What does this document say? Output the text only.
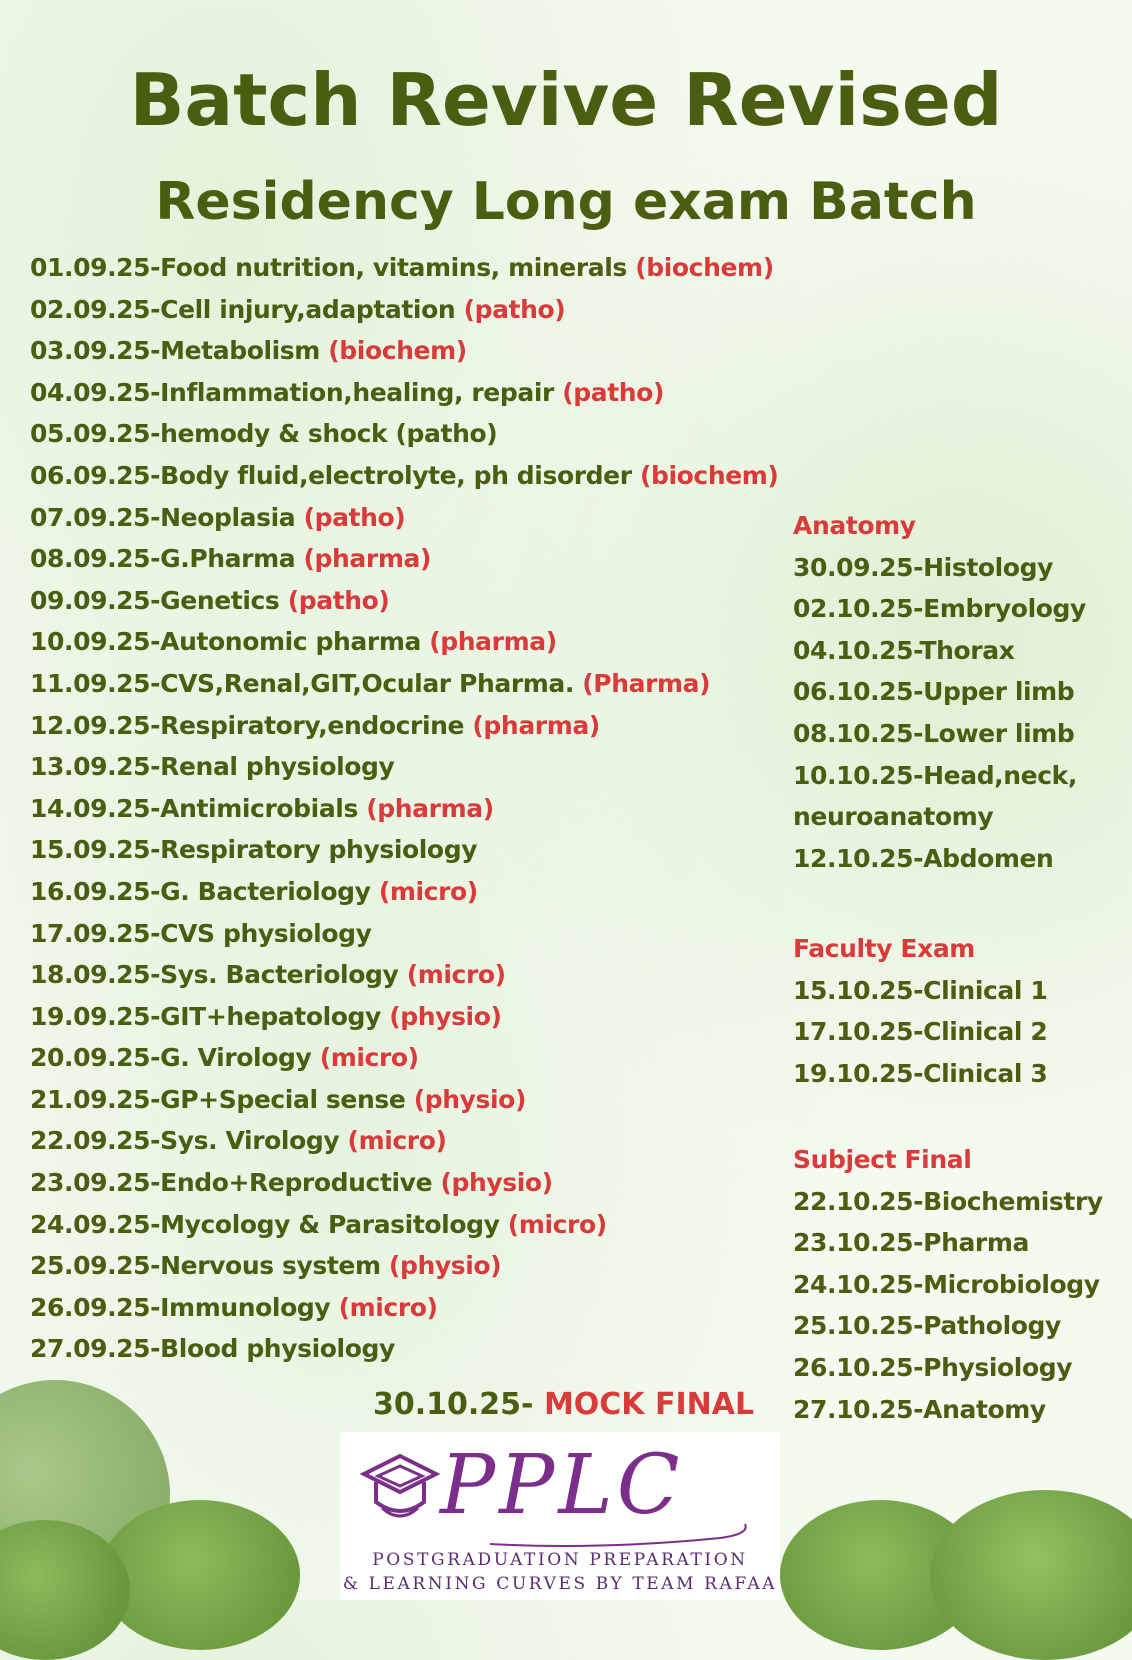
Batch Revive Revised
Residency Long exam Batch
01.09.25-Food nutrition, vitamins, minerals (biochem)
02.09.25-Cell injury,adaptation (patho)
03.09.25-Metabolism (biochem)
04.09.25-Inflammation,healing, repair (patho)
05.09.25-hemody & shock (patho)
06.09.25-Body fluid,electrolyte, ph disorder (biochem)
07.09.25-Neoplasia (patho)
08.09.25-G.Pharma (pharma)
09.09.25-Genetics (patho)
10.09.25-Autonomic pharma (pharma)
11.09.25-CVS,Renal,GIT,Ocular Pharma. (Pharma)
12.09.25-Respiratory,endocrine (pharma)
13.09.25-Renal physiology
14.09.25-Antimicrobials (pharma)
15.09.25-Respiratory physiology
16.09.25-G. Bacteriology (micro)
17.09.25-CVS physiology
18.09.25-Sys. Bacteriology (micro)
19.09.25-GIT+hepatology (physio)
20.09.25-G. Virology (micro)
21.09.25-GP+Special sense (physio)
22.09.25-Sys. Virology (micro)
23.09.25-Endo+Reproductive (physio)
24.09.25-Mycology & Parasitology (micro)
25.09.25-Nervous system (physio)
26.09.25-Immunology (micro)
27.09.25-Blood physiology
Anatomy
30.09.25-Histology
02.10.25-Embryology
04.10.25-Thorax
06.10.25-Upper limb
08.10.25-Lower limb
10.10.25-Head,neck,
neuroanatomy
12.10.25-Abdomen
Faculty Exam
15.10.25-Clinical 1
17.10.25-Clinical 2
19.10.25-Clinical 3
Subject Final
22.10.25-Biochemistry
23.10.25-Pharma
24.10.25-Microbiology
25.10.25-Pathology
26.10.25-Physiology
27.10.25-Anatomy
30.10.25- MOCK FINAL
PPLC
POSTGRADUATION PREPARATION
& LEARNING CURVES BY TEAM RAFAA
